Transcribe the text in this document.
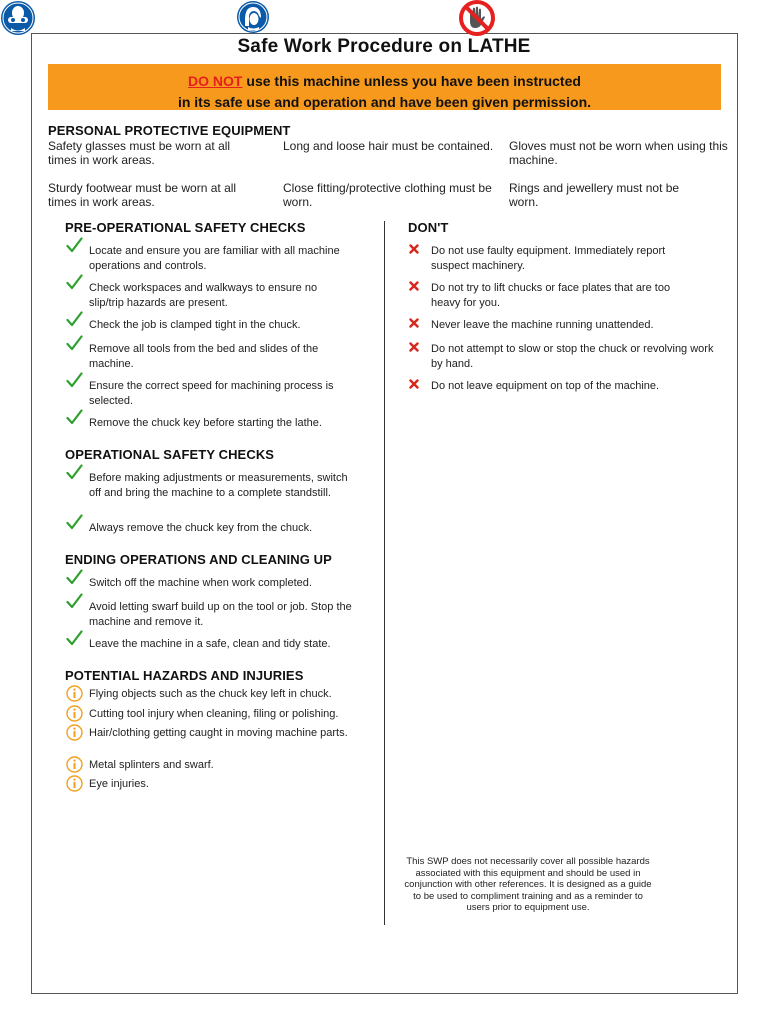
Safe Work Procedure on LATHE
DO NOT use this machine unless you have been instructed
in its safe use and operation and have been given permission.
PERSONAL PROTECTIVE EQUIPMENT
Safety glasses must be worn at all times in work areas.
Long and loose hair must be contained.	Gloves must not be worn when using this machine.
Sturdy footwear must be worn at all times in work areas.
Close fitting/protective clothing must be worn.
Rings and jewellery must not be worn.
PRE-OPERATIONAL SAFETY CHECKS
Locate and ensure you are familiar with all machine operations and controls.
Check workspaces and walkways to ensure no slip/trip hazards are present.
Check the job is clamped tight in the chuck.
Remove all tools from the bed and slides of the machine.
Ensure the correct speed for machining process is selected.
Remove the chuck key before starting the lathe.
OPERATIONAL SAFETY CHECKS
Before making adjustments or measurements, switch off and bring the machine to a complete standstill.
Always remove the chuck key from the chuck.
ENDING OPERATIONS AND CLEANING UP
Switch off the machine when work completed.
Avoid letting swarf build up on the tool or job. Stop the machine and remove it.
Leave the machine in a safe, clean and tidy state.
POTENTIAL HAZARDS AND INJURIES
Flying objects such as the chuck key left in chuck.
Cutting tool injury when cleaning, filing or polishing.
Hair/clothing getting caught in moving machine parts.
Metal splinters and swarf.
Eye injuries.
DON'T
Do not use faulty equipment. Immediately report suspect machinery.
Do not try to lift chucks or face plates that are too heavy for you.
Never leave the machine running unattended.
Do not attempt to slow or stop the chuck or revolving work by hand.
Do not leave equipment on top of the machine.
This SWP does not necessarily cover all possible hazards associated with this equipment and should be used in conjunction with other references. It is designed as a guide to be used to compliment training and as a reminder to users prior to equipment use.
